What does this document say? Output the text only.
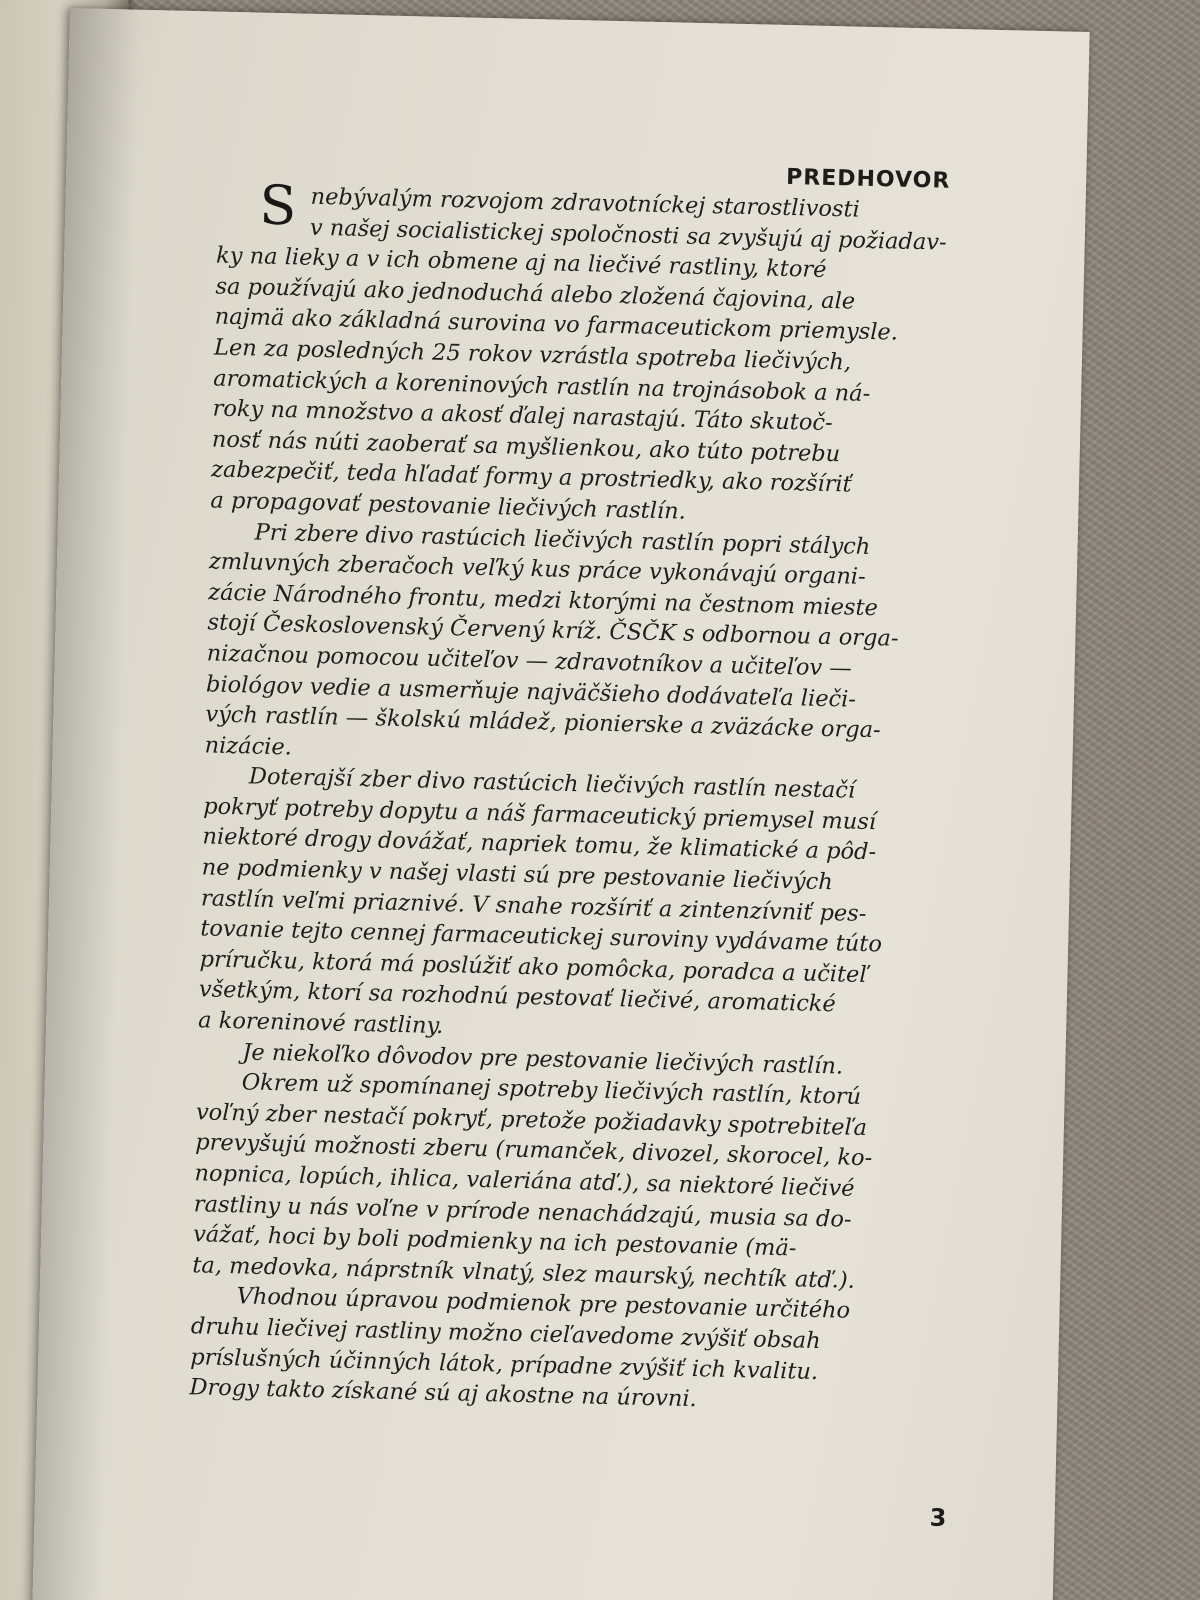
PREDHOVOR

S nebývalým rozvojom zdravotníckej starostlivosti
v našej socialistickej spoločnosti sa zvyšujú aj požiadav-
ky na lieky a v ich obmene aj na liečivé rastliny, ktoré
sa používajú ako jednoduchá alebo zložená čajovina, ale
najmä ako základná surovina vo farmaceutickom priemysle.
Len za posledných 25 rokov vzrástla spotreba liečivých,
aromatických a koreninových rastlín na trojnásobok a ná-
roky na množstvo a akosť ďalej narastajú. Táto skutoč-
nosť nás núti zaoberať sa myšlienkou, ako túto potrebu
zabezpečiť, teda hľadať formy a prostriedky, ako rozšíriť
a propagovať pestovanie liečivých rastlín.

Pri zbere divo rastúcich liečivých rastlín popri stálych
zmluvných zberačoch veľký kus práce vykonávajú organi-
zácie Národného frontu, medzi ktorými na čestnom mieste
stojí Československý Červený kríž. ČSČK s odbornou a orga-
nizačnou pomocou učiteľov — zdravotníkov a učiteľov —
biológov vedie a usmerňuje najväčšieho dodávateľa lieči-
vých rastlín — školskú mládež, pionierske a zväzácke orga-
nizácie.

Doterajší zber divo rastúcich liečivých rastlín nestačí
pokryť potreby dopytu a náš farmaceutický priemysel musí
niektoré drogy dovážať, napriek tomu, že klimatické a pôd-
ne podmienky v našej vlasti sú pre pestovanie liečivých
rastlín veľmi priaznivé. V snahe rozšíriť a zintenzívniť pes-
tovanie tejto cennej farmaceutickej suroviny vydávame túto
príručku, ktorá má poslúžiť ako pomôcka, poradca a učiteľ
všetkým, ktorí sa rozhodnú pestovať liečivé, aromatické
a koreninové rastliny.

Je niekoľko dôvodov pre pestovanie liečivých rastlín.

Okrem už spomínanej spotreby liečivých rastlín, ktorú
voľný zber nestačí pokryť, pretože požiadavky spotrebiteľa
prevyšujú možnosti zberu (rumanček, divozel, skorocel, ko-
nopnica, lopúch, ihlica, valeriána atď.), sa niektoré liečivé
rastliny u nás voľne v prírode nenachádzajú, musia sa do-
vážať, hoci by boli podmienky na ich pestovanie (mä-
ta, medovka, náprstník vlnatý, slez maurský, nechtík atď.).

Vhodnou úpravou podmienok pre pestovanie určitého
druhu liečivej rastliny možno cieľavedome zvýšiť obsah
príslušných účinných látok, prípadne zvýšiť ich kvalitu.
Drogy takto získané sú aj akostne na úrovni.

3
